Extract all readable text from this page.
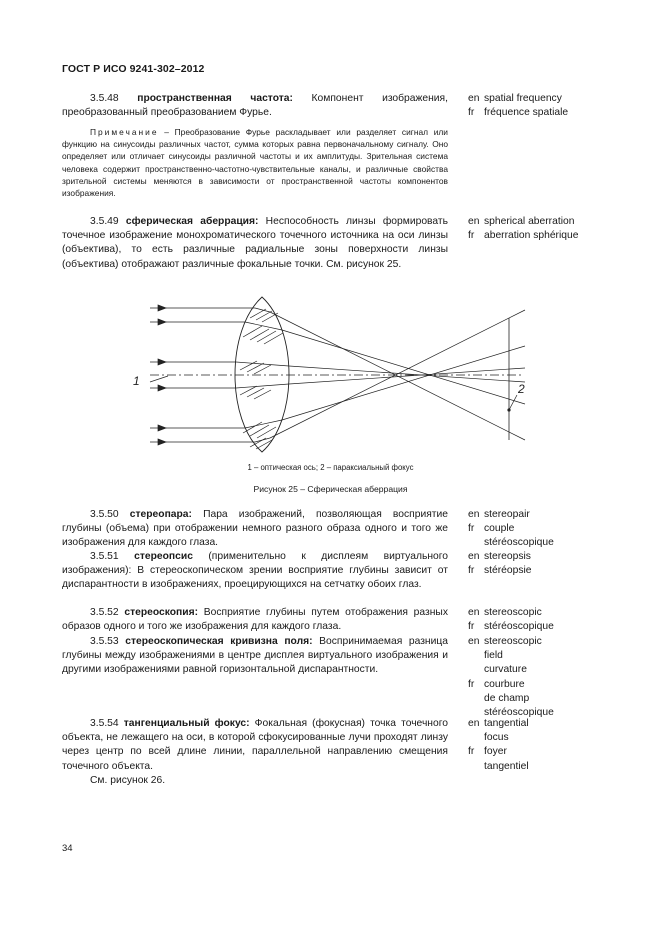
ГОСТ Р ИСО 9241-302–2012
3.5.48 пространственная частота: Компонент изображения, преобразованный преобразованием Фурье.
en spatial frequency
fr fréquence spatiale
Примечание – Преобразование Фурье раскладывает или разделяет сигнал или функцию на синусоиды различных частот, сумма которых равна первоначальному сигналу. Оно определяет или отличает синусоиды различной частоты и их амплитуды. Зрительная система человека содержит пространственно-частотно-чувствительные каналы, и различные свойства зрительной системы меняются в зависимости от пространственной частоты компонентов изображения.
3.5.49 сферическая аберрация: Неспособность линзы формировать точечное изображение монохроматического точечного источника на оси линзы (объектива), то есть различные радиальные зоны поверхности линзы (объектива) отображают различные фокальные точки. См. рисунок 25.
en spherical aberration
fr aberration sphérique
1
2
1 – оптическая ось; 2 – параксиальный фокус
Рисунок 25 – Сферическая аберрация
3.5.50 стереопара: Пара изображений, позволяющая восприятие глубины (объема) при отображении немного разного образа одного и того же изображения для каждого глаза.
en stereopair
fr couple
stéréoscopique
3.5.51 стереопсис (применительно к дисплеям виртуального изображения): В стереоскопическом зрении восприятие глубины зависит от диспарантности в изображениях, проецирующихся на сетчатку обоих глаз.
en stereopsis
fr stéréopsie
3.5.52 стереоскопия: Восприятие глубины путем отображения разных образов одного и того же изображения для каждого глаза.
en stereoscopic
fr stéréoscopique
3.5.53 стереоскопическая кривизна поля: Воспринимаемая разница глубины между изображениями в центре дисплея виртуального изображения и другими изображениями равной горизонтальной диспарантности.
en stereoscopic
field
curvature
fr courbure
de champ
stéréoscopique
3.5.54 тангенциальный фокус: Фокальная (фокусная) точка точечного объекта, не лежащего на оси, в которой сфокусированные лучи проходят линзу через центр по всей длине линии, параллельной направлению смещения точечного объекта.
en tangential
focus
fr foyer
tangentiel
См. рисунок 26.
34
